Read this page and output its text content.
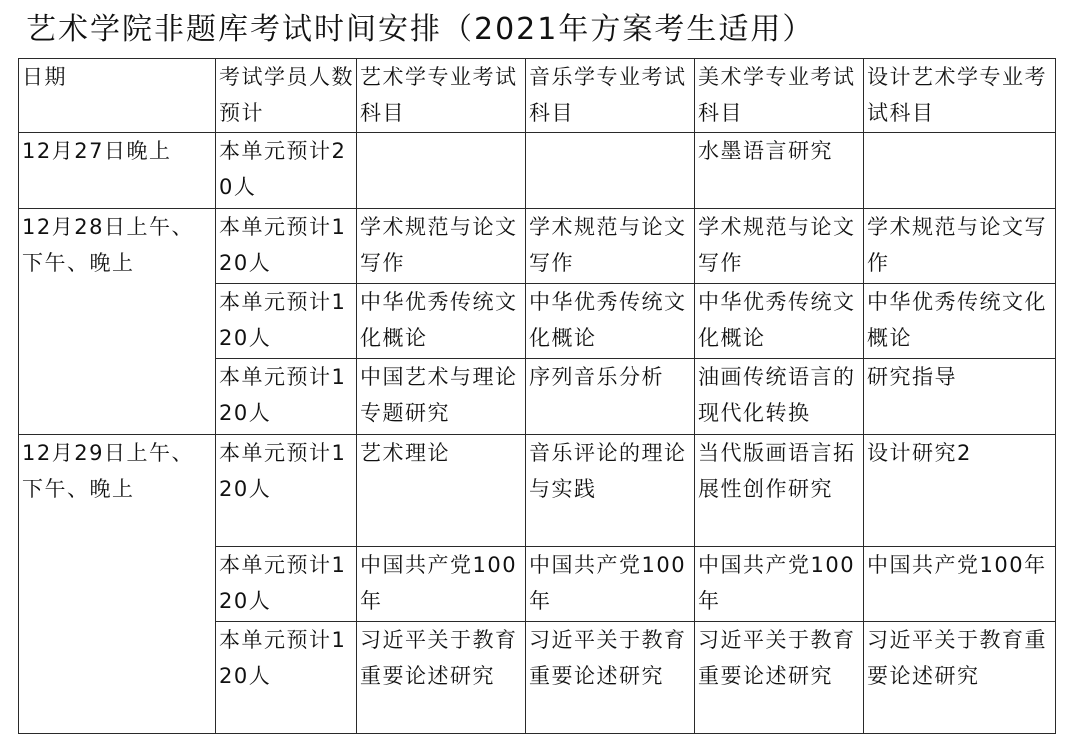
艺术学院非题库考试时间安排（2021年方案考生适用）
日期	考试学员人数预计	艺术学专业考试科目	音乐学专业考试科目	美术学专业考试科目	设计艺术学专业考试科目
12月27日晚上	本单元预计20人			水墨语言研究	
12月28日上午、下午、晚上	本单元预计120人	学术规范与论文写作	学术规范与论文写作	学术规范与论文写作	学术规范与论文写作
	本单元预计120人	中华优秀传统文化概论	中华优秀传统文化概论	中华优秀传统文化概论	中华优秀传统文化概论
	本单元预计120人	中国艺术与理论专题研究	序列音乐分析	油画传统语言的现代化转换	研究指导
12月29日上午、下午、晚上	本单元预计120人	艺术理论	音乐评论的理论与实践	当代版画语言拓展性创作研究	设计研究2
	本单元预计120人	中国共产党100年	中国共产党100年	中国共产党100年	中国共产党100年
	本单元预计120人	习近平关于教育重要论述研究	习近平关于教育重要论述研究	习近平关于教育重要论述研究	习近平关于教育重要论述研究
